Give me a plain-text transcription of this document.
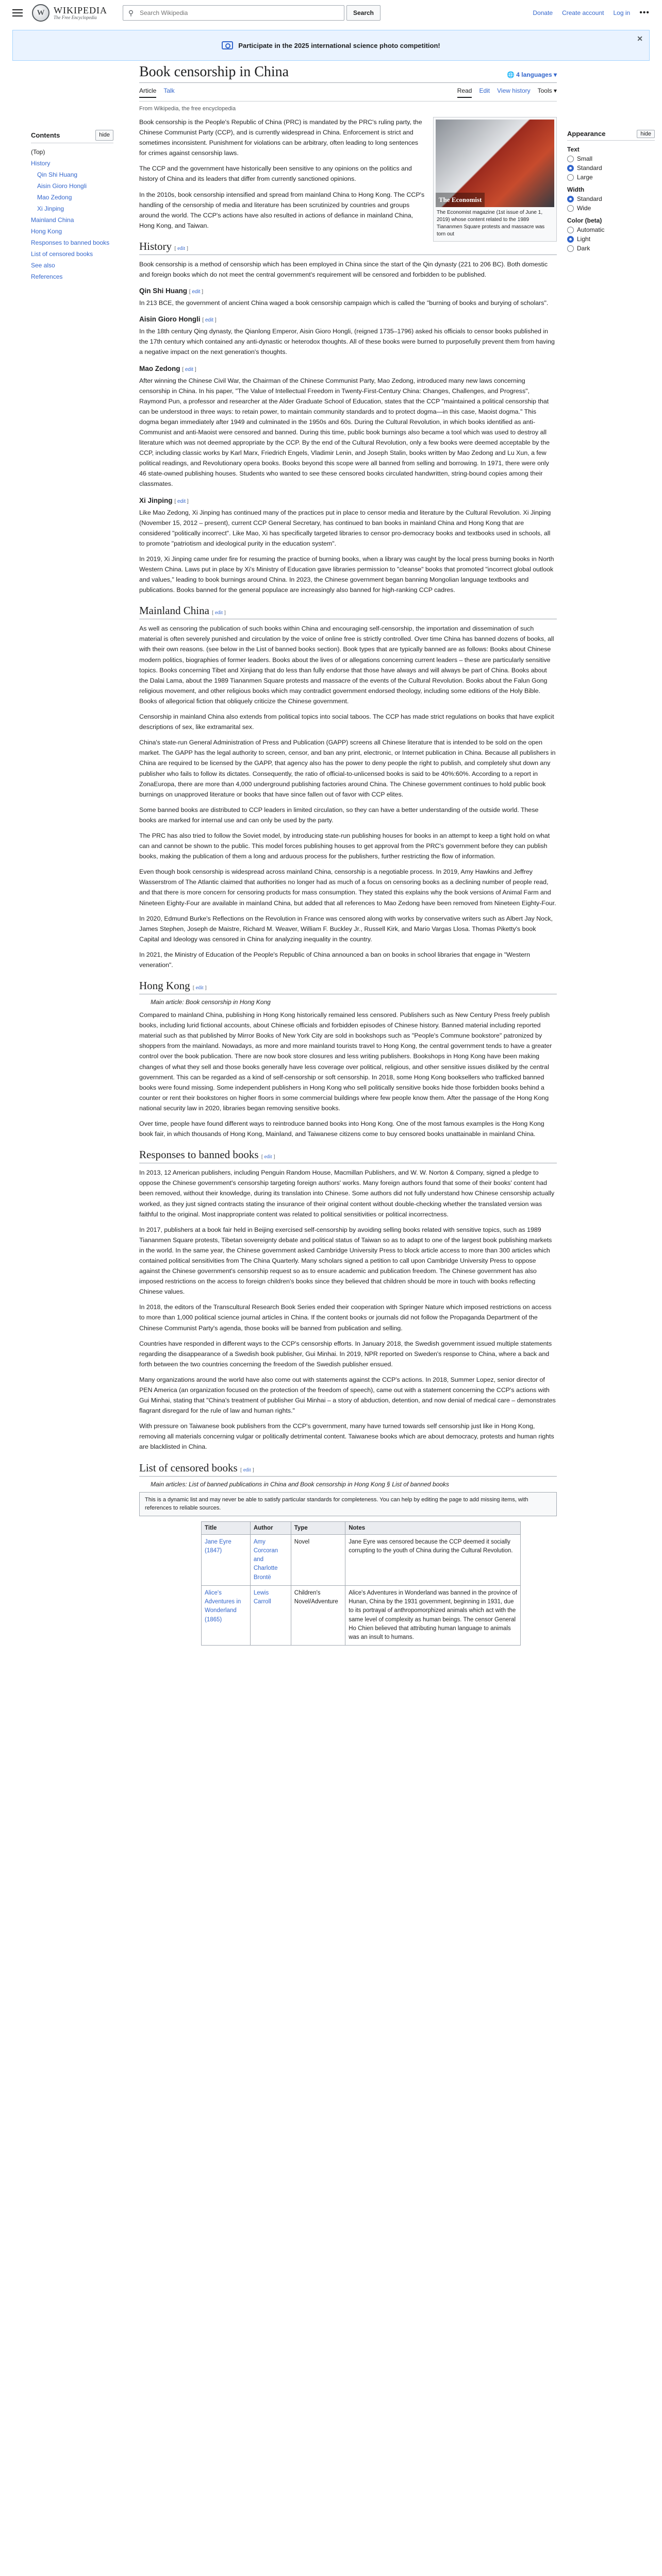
W WIKIPEDIA
The Free Encyclopedia
⚲
Search Wikipedia	Search	Donate Create account Log in •••
Participate in the 2025 international science photo competition!
✕
Contents	hide
(Top)
History
Qin Shi Huang
Aisin Gioro Hongli
Mao Zedong
Xi Jinping
Mainland China
Hong Kong
Responses to banned books
List of censored books
See also
References
Appearance	hide
Text
Small
Standard
Large
Width
Standard
Wide
Color (beta)
Automatic
Light
Dark
Book censorship in China	🌐 4 languages ▾
Article Talk	Read Edit View history Tools ▾
From Wikipedia, the free encyclopedia
The Economist
The Economist magazine (1st issue of June 1, 2019) whose content related to the 1989 Tiananmen Square protests and massacre was torn out

Book censorship is the People's Republic of China (PRC) is mandated by the PRC's ruling party, the Chinese Communist Party (CCP), and is currently widespread in China. Enforcement is strict and sometimes inconsistent. Punishment for violations can be arbitrary, often leading to long sentences for crimes against censorship laws.

The CCP and the government have historically been sensitive to any opinions on the politics and history of China and its leaders that differ from currently sanctioned opinions.

In the 2010s, book censorship intensified and spread from mainland China to Hong Kong. The CCP's handling of the censorship of media and literature has been scrutinized by countries and groups around the world. The CCP's actions have also resulted in actions of defiance in mainland China, Hong Kong, and Taiwan.

History [ edit ]

Book censorship is a method of censorship which has been employed in China since the start of the Qin dynasty (221 to 206 BC). Both domestic and foreign books which do not meet the central government's requirement will be censored and forbidden to be published.

Qin Shi Huang [ edit ]

In 213 BCE, the government of ancient China waged a book censorship campaign which is called the "burning of books and burying of scholars".

Aisin Gioro Hongli [ edit ]

In the 18th century Qing dynasty, the Qianlong Emperor, Aisin Gioro Hongli, (reigned 1735–1796) asked his officials to censor books published in the 17th century which contained any anti-dynastic or heterodox thoughts. All of these books were burned to purposefully prevent them from having a negative impact on the next generation's thoughts.

Mao Zedong [ edit ]

After winning the Chinese Civil War, the Chairman of the Chinese Communist Party, Mao Zedong, introduced many new laws concerning censorship in China. In his paper, "The Value of Intellectual Freedom in Twenty-First-Century China: Changes, Challenges, and Progress", Raymond Pun, a professor and researcher at the Alder Graduate School of Education, states that the CCP "maintained a political censorship that can be understood in three ways: to retain power, to maintain community standards and to protect dogma—in this case, Maoist dogma." This dogma began immediately after 1949 and culminated in the 1950s and 60s. During the Cultural Revolution, in which books identified as anti-Communist and anti-Maoist were censored and banned. During this time, public book burnings also became a tool which was used to destroy all literature which was not deemed appropriate by the CCP. By the end of the Cultural Revolution, only a few books were deemed acceptable by the CCP, including classic works by Karl Marx, Friedrich Engels, Vladimir Lenin, and Joseph Stalin, books written by Mao Zedong and Lu Xun, a few political readings, and Revolutionary opera books. Books beyond this scope were all banned from selling and borrowing. In 1971, there were only 46 state-owned publishing houses. Students who wanted to see these censored books circulated handwritten, string-bound copies among their classmates.

Xi Jinping [ edit ]

Like Mao Zedong, Xi Jinping has continued many of the practices put in place to censor media and literature by the Cultural Revolution. Xi Jinping (November 15, 2012 – present), current CCP General Secretary, has continued to ban books in mainland China and Hong Kong that are considered "politically incorrect". Like Mao, Xi has specifically targeted libraries to censor pro-democracy books and textbooks used in schools, all to promote "patriotism and ideological purity in the education system".

In 2019, Xi Jinping came under fire for resuming the practice of burning books, when a library was caught by the local press burning books in North Western China. Laws put in place by Xi's Ministry of Education gave libraries permission to "cleanse" books that promoted "incorrect global outlook and values," leading to book burnings around China. In 2023, the Chinese government began banning Mongolian language textbooks and publications. Books banned for the general populace are increasingly also banned for high-ranking CCP cadres.

Mainland China [ edit ]

As well as censoring the publication of such books within China and encouraging self-censorship, the importation and dissemination of such material is often severely punished and circulation by the voice of online free is strictly controlled. Over time China has banned dozens of books, all with their own reasons. (see below in the List of banned books section). Book types that are typically banned are as follows: Books about Chinese modern politics, biographies of former leaders. Books about the lives of or allegations concerning current leaders – these are particularly sensitive topics. Books concerning Tibet and Xinjiang that do less than fully endorse that those have always and will always be part of China. Books about the Dalai Lama, about the 1989 Tiananmen Square protests and massacre of the events of the Cultural Revolution. Books about the Falun Gong religious movement, and other religious books which may contradict government endorsed theology, including some editions of the Holy Bible. Books of allegorical fiction that obliquely criticize the Chinese government.

Censorship in mainland China also extends from political topics into social taboos. The CCP has made strict regulations on books that have explicit descriptions of sex, like extramarital sex.

China's state-run General Administration of Press and Publication (GAPP) screens all Chinese literature that is intended to be sold on the open market. The GAPP has the legal authority to screen, censor, and ban any print, electronic, or Internet publication in China. Because all publishers in China are required to be licensed by the GAPP, that agency also has the power to deny people the right to publish, and completely shut down any publisher who fails to follow its dictates. Consequently, the ratio of official-to-unlicensed books is said to be 40%:60%. According to a report in ZonaEuropa, there are more than 4,000 underground publishing factories around China. The Chinese government continues to hold public book burnings on unapproved literature or books that have since fallen out of favor with CCP elites.

Some banned books are distributed to CCP leaders in limited circulation, so they can have a better understanding of the outside world. These books are marked for internal use and can only be used by the party.

The PRC has also tried to follow the Soviet model, by introducing state-run publishing houses for books in an attempt to keep a tight hold on what can and cannot be shown to the public. This model forces publishing houses to get approval from the PRC's government before they can publish books, making the publication of them a long and arduous process for the publishers, further restricting the flow of information.

Even though book censorship is widespread across mainland China, censorship is a negotiable process. In 2019, Amy Hawkins and Jeffrey Wasserstrom of The Atlantic claimed that authorities no longer had as much of a focus on censoring books as a declining number of people read, and that there is more concern for censoring products for mass consumption. They stated this explains why the book versions of Animal Farm and Nineteen Eighty-Four are available in mainland China, but added that all references to Mao Zedong have been removed from Nineteen Eighty-Four.

In 2020, Edmund Burke's Reflections on the Revolution in France was censored along with works by conservative writers such as Albert Jay Nock, James Stephen, Joseph de Maistre, Richard M. Weaver, William F. Buckley Jr., Russell Kirk, and Mario Vargas Llosa. Thomas Piketty's book Capital and Ideology was censored in China for analyzing inequality in the country.

In 2021, the Ministry of Education of the People's Republic of China announced a ban on books in school libraries that engage in "Western veneration".

Hong Kong [ edit ]
Main article: Book censorship in Hong Kong

Compared to mainland China, publishing in Hong Kong historically remained less censored. Publishers such as New Century Press freely publish books, including lurid fictional accounts, about Chinese officials and forbidden episodes of Chinese history. Banned material including reported material such as that published by Mirror Books of New York City are sold in bookshops such as "People's Commune bookstore" patronized by shoppers from the mainland. Nowadays, as more and more mainland tourists travel to Hong Kong, the central government tends to have a greater control over the book publication. There are now book store closures and less writing publishers. Bookshops in Hong Kong have been making changes of what they sell and those books generally have less coverage over political, religious, and other sensitive issues disliked by the central government. This can be regarded as a kind of self-censorship or soft censorship. In 2018, some Hong Kong booksellers who trafficked banned books were found missing. Some independent publishers in Hong Kong who sell politically sensitive books hide those forbidden books behind a counter or rent their bookstores on higher floors in some commercial buildings where few people know them. After the passage of the Hong Kong national security law in 2020, libraries began removing sensitive books.

Over time, people have found different ways to reintroduce banned books into Hong Kong. One of the most famous examples is the Hong Kong book fair, in which thousands of Hong Kong, Mainland, and Taiwanese citizens come to buy censored books unattainable in mainland China.

Responses to banned books [ edit ]

In 2013, 12 American publishers, including Penguin Random House, Macmillan Publishers, and W. W. Norton & Company, signed a pledge to oppose the Chinese government's censorship targeting foreign authors' works. Many foreign authors found that some of their books' content had been removed, without their knowledge, during its translation into Chinese. Some authors did not fully understand how Chinese censorship actually worked, as they just signed contracts stating the insurance of their original content without double-checking whether the translated version was faithful to the original. Most inappropriate content was related to political sensitivities or political incorrectness.

In 2017, publishers at a book fair held in Beijing exercised self-censorship by avoiding selling books related with sensitive topics, such as 1989 Tiananmen Square protests, Tibetan sovereignty debate and political status of Taiwan so as to adapt to one of the largest book publishing markets in the world. In the same year, the Chinese government asked Cambridge University Press to block article access to more than 300 articles which contained political sensitivities from The China Quarterly. Many scholars signed a petition to call upon Cambridge University Press to oppose against the Chinese government's censorship request so as to ensure academic and publication freedom. The Chinese government has also imposed restrictions on the access to foreign children's books since they believed that children should be more in touch with books reflecting Chinese values.

In 2018, the editors of the Transcultural Research Book Series ended their cooperation with Springer Nature which imposed restrictions on access to more than 1,000 political science journal articles in China. If the content books or journals did not follow the Propaganda Department of the Chinese Communist Party's agenda, those books will be banned from publication and selling.

Countries have responded in different ways to the CCP's censorship efforts. In January 2018, the Swedish government issued multiple statements regarding the disappearance of a Swedish book publisher, Gui Minhai. In 2019, NPR reported on Sweden's response to China, where a back and forth between the two countries concerning the freedom of the Swedish publisher ensued.

Many organizations around the world have also come out with statements against the CCP's actions. In 2018, Summer Lopez, senior director of PEN America (an organization focused on the protection of the freedom of speech), came out with a statement concerning the CCP's actions with Gui Minhai, stating that "China's treatment of publisher Gui Minhai – a story of abduction, detention, and now denial of medical care – demonstrates flagrant disregard for the rule of law and human rights."

With pressure on Taiwanese book publishers from the CCP's government, many have turned towards self censorship just like in Hong Kong, removing all materials concerning vulgar or politically detrimental content. Taiwanese books which are about democracy, protests and human rights are blacklisted in China.

List of censored books [ edit ]
Main articles: List of banned publications in China and Book censorship in Hong Kong § List of banned books
This is a dynamic list and may never be able to satisfy particular standards for completeness. You can help by editing the page to add missing items, with references to reliable sources.
Title	Author	Type	Notes
Jane Eyre (1847)	Amy Corcoran and Charlotte Brontë	Novel	Jane Eyre was censored because the CCP deemed it socially corrupting to the youth of China during the Cultural Revolution.
Alice's Adventures in Wonderland (1865)	Lewis Carroll	Children's Novel/Adventure	Alice's Adventures in Wonderland was banned in the province of Hunan, China by the 1931 government, beginning in 1931, due to its portrayal of anthropomorphized animals which act with the same level of complexity as human beings. The censor General Ho Chien believed that attributing human language to animals was an insult to humans.
